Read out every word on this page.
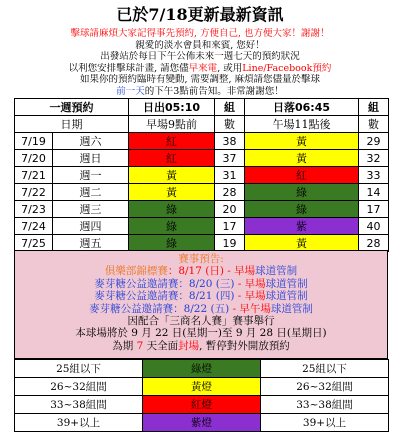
已於7/18更新最新資訊
擊球請麻煩大家記得事先預約, 方便自己, 也方便大家！謝謝！
親愛的淡水會員和來賓, 您好！
出發站於每日下午公佈未來一週七天的預約狀況
以利您安排擊球計畫, 請您儘早來電, 或用Line/Facebook預約
如果你的預約臨時有變動, 需要調整, 麻煩請您儘量於擊球
前一天的下午3點前告知。非常謝謝您！
一週預約		日出05:10	組	日落06:45	組
日期		早場9點前	數	午場11點後	數
7/19	週六	紅	38	黃	29
7/20	週日	紅	37	黃	32
7/21	週一	黃	31	紅	33
7/22	週二	黃	28	綠	14
7/23	週三	綠	20	綠	17
7/24	週四	綠	17	紫	40
7/25	週五	綠	19	黃	28
賽事預告:
俱樂部錦標賽：8/17 (日) - 早場球道管制
麥芽糖公益邀請賽：8/20 (三) - 早場球道管制
麥芽糖公益邀請賽：8/21 (四) - 早場球道管制
麥芽糖公益邀請賽：8/22 (五) - 早午場球道管制
因配合「三商名人賽」賽事舉行
本球場將於 9 月 22 日(星期一)至 9 月 28 日(星期日)
為期 7 天全面封場, 暫停對外開放預約
25組以下	綠燈	25組以下
26~32組間	黃燈	26~32組間
33~38組間	紅燈	33~38組間
39+以上	紫燈	39+以上
